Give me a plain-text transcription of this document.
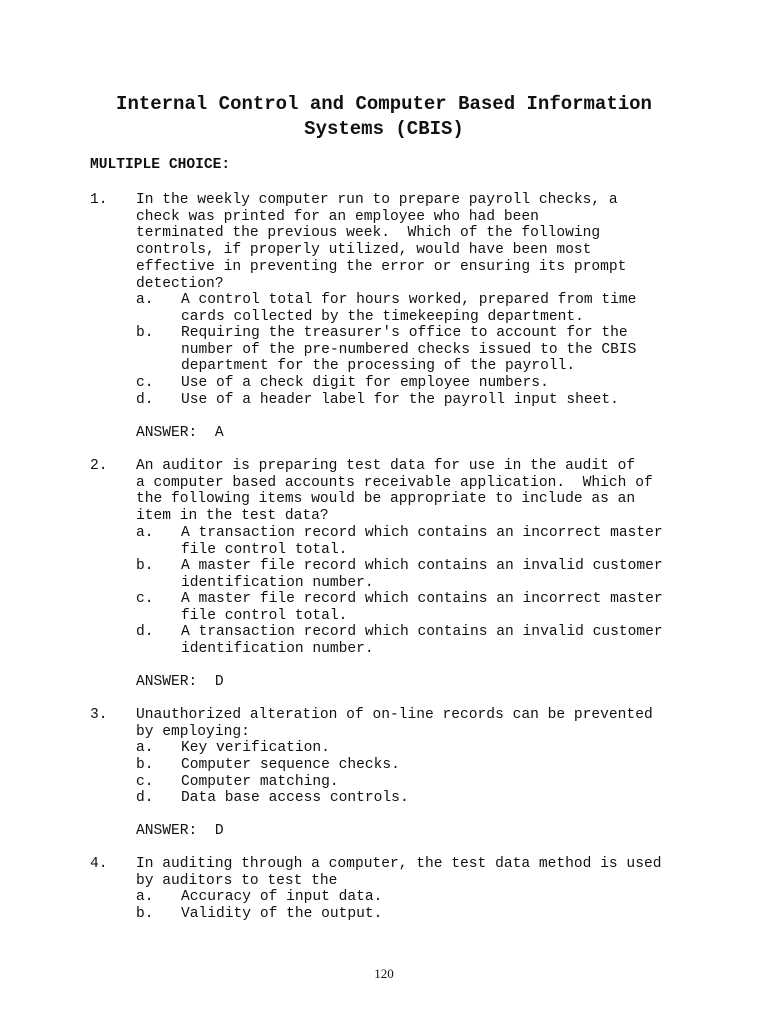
Internal Control and Computer Based Information
Systems (CBIS)
MULTIPLE CHOICE:
1. In the weekly computer run to prepare payroll checks, a
check was printed for an employee who had been
terminated the previous week.  Which of the following
controls, if properly utilized, would have been most
effective in preventing the error or ensuring its prompt
detection?

a.

A control total for hours worked, prepared from time
cards collected by the timekeeping department.

b.

Requiring the treasurer's office to account for the
number of the pre-numbered checks issued to the CBIS
department for the processing of the payroll.

c.

Use of a check digit for employee numbers.

d.

Use of a header label for the payroll input sheet.

ANSWER:  A
2. An auditor is preparing test data for use in the audit of
a computer based accounts receivable application.  Which of
the following items would be appropriate to include as an
item in the test data?

a.

A transaction record which contains an incorrect master
file control total.

b.

A master file record which contains an invalid customer
identification number.

c.

A master file record which contains an incorrect master
file control total.

d.

A transaction record which contains an invalid customer
identification number.

ANSWER:  D
3. Unauthorized alteration of on-line records can be prevented
by employing:

a.

Key verification.

b.

Computer sequence checks.

c.

Computer matching.

d.

Data base access controls.

ANSWER:  D
4. In auditing through a computer, the test data method is used
by auditors to test the

a.

Accuracy of input data.

b.

Validity of the output.

120
